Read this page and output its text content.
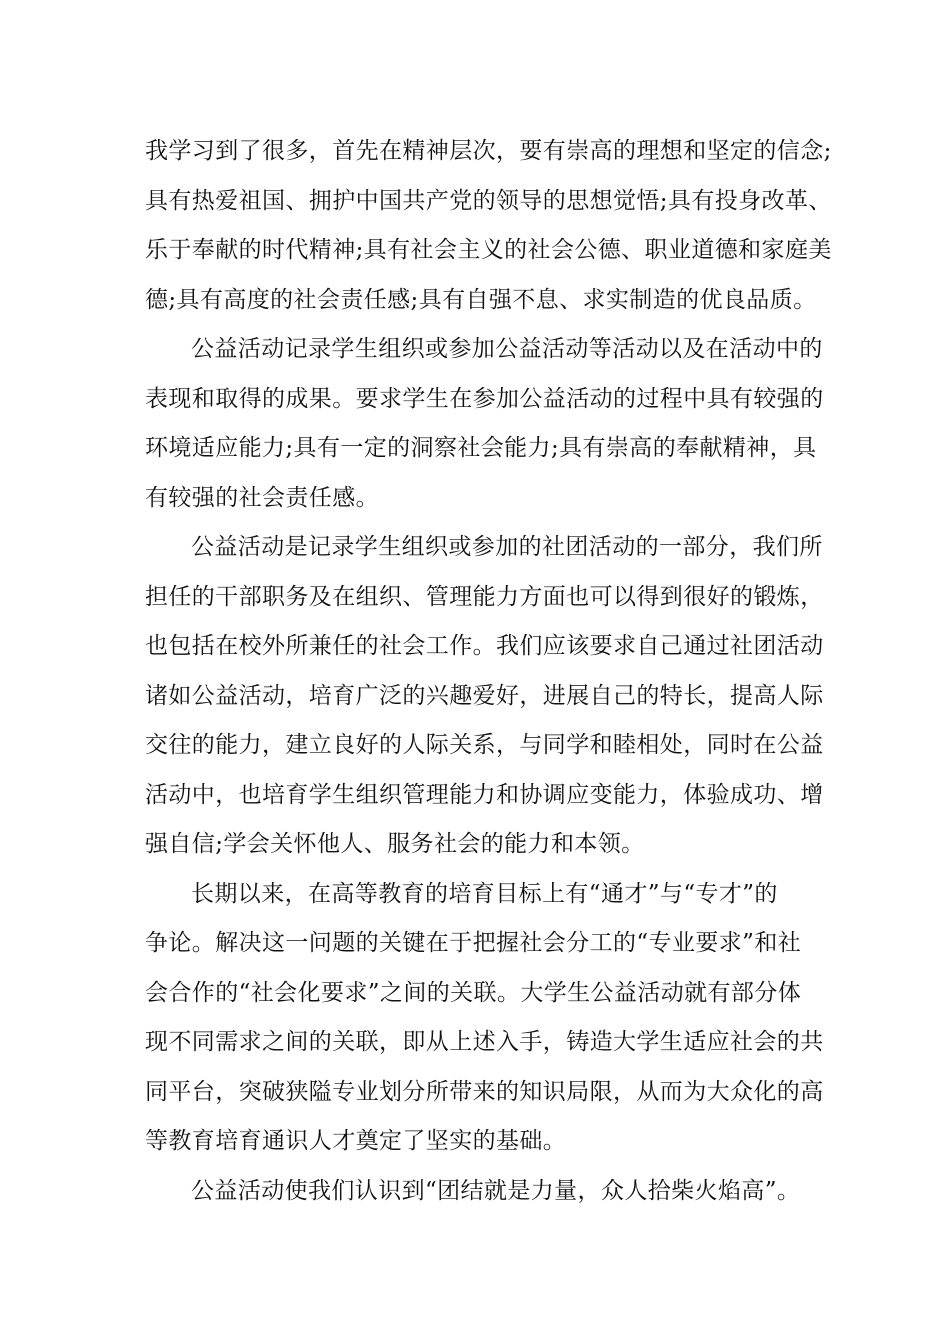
我学习到了很多，首先在精神层次，要有崇高的理想和坚定的信念;
具有热爱祖国、拥护中国共产党的领导的思想觉悟;具有投身改革、
乐于奉献的时代精神;具有社会主义的社会公德、职业道德和家庭美
德;具有高度的社会责任感;具有自强不息、求实制造的优良品质。

公益活动记录学生组织或参加公益活动等活动以及在活动中的
表现和取得的成果。要求学生在参加公益活动的过程中具有较强的
环境适应能力;具有一定的洞察社会能力;具有崇高的奉献精神，具
有较强的社会责任感。

公益活动是记录学生组织或参加的社团活动的一部分，我们所
担任的干部职务及在组织、管理能力方面也可以得到很好的锻炼，
也包括在校外所兼任的社会工作。我们应该要求自己通过社团活动
诸如公益活动，培育广泛的兴趣爱好，进展自己的特长，提高人际
交往的能力，建立良好的人际关系，与同学和睦相处，同时在公益
活动中，也培育学生组织管理能力和协调应变能力，体验成功、增
强自信;学会关怀他人、服务社会的能力和本领。

长期以来，在高等教育的培育目标上有“通才”与“专才”的
争论。解决这一问题的关键在于把握社会分工的“专业要求”和社
会合作的“社会化要求”之间的关联。大学生公益活动就有部分体
现不同需求之间的关联，即从上述入手，铸造大学生适应社会的共
同平台，突破狭隘专业划分所带来的知识局限，从而为大众化的高
等教育培育通识人才奠定了坚实的基础。

公益活动使我们认识到“团结就是力量，众人拾柴火焰高”。
